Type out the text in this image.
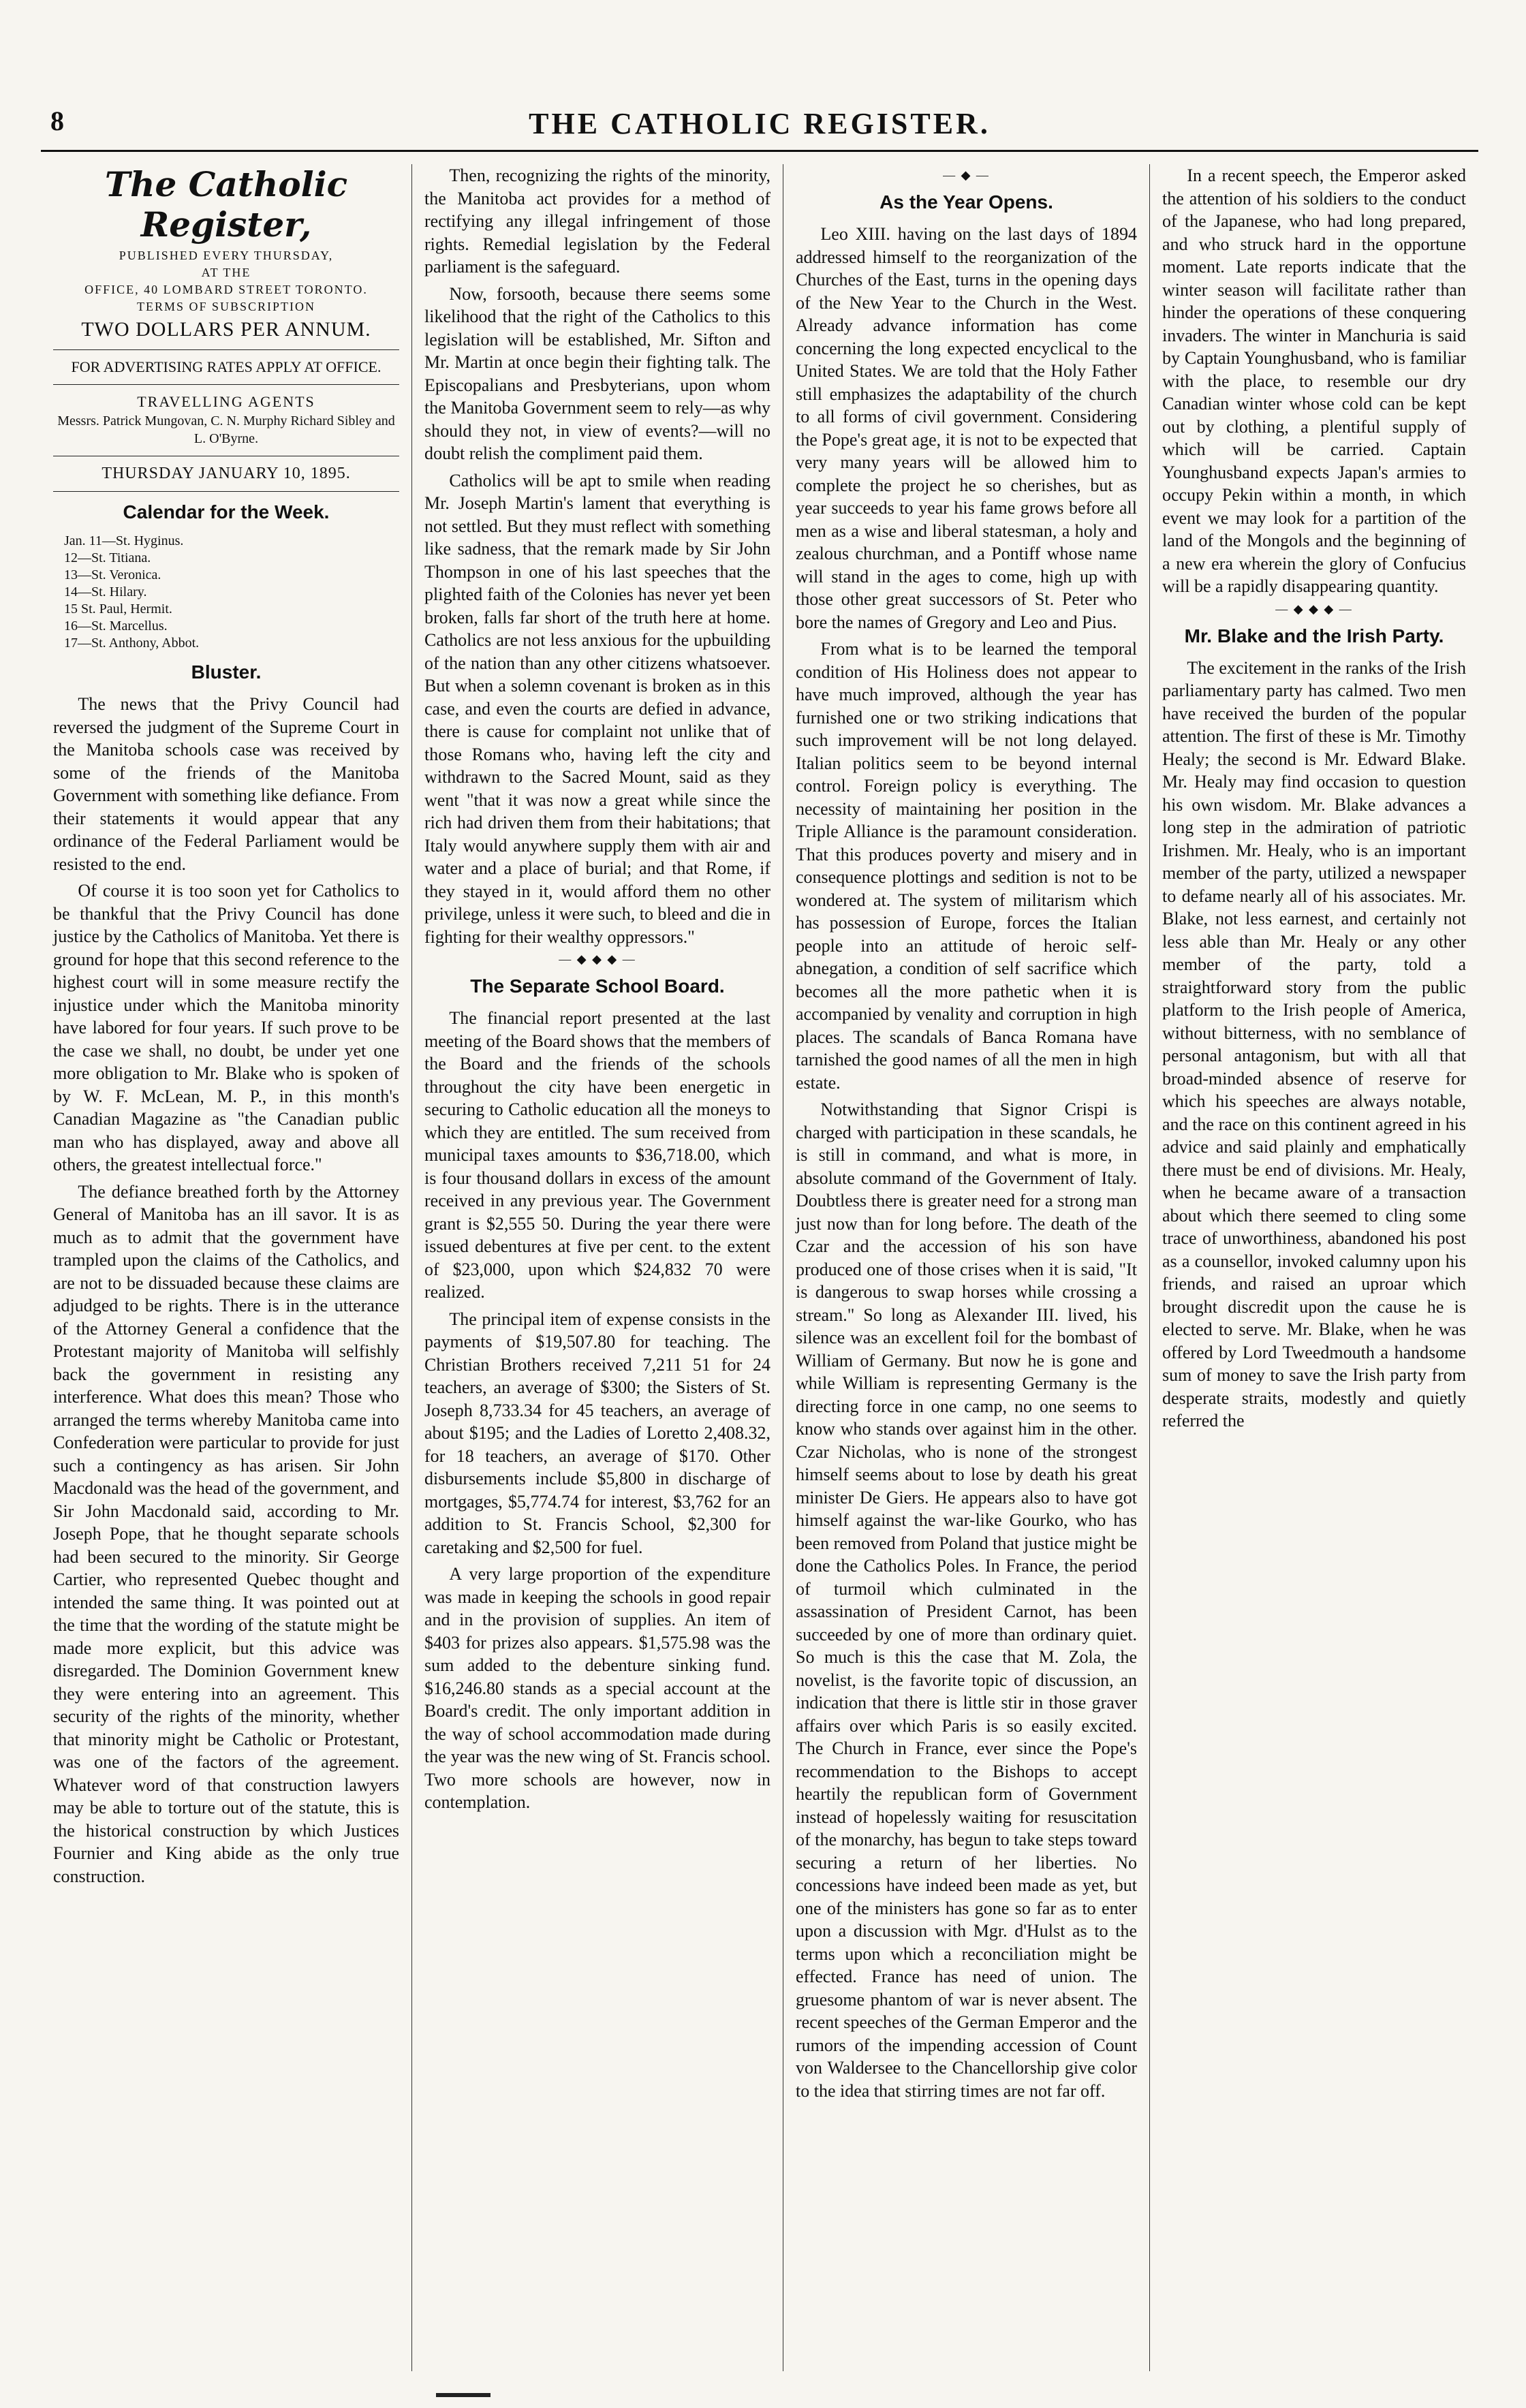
8	THE CATHOLIC REGISTER.
The Catholic Register,
PUBLISHED EVERY THURSDAY,
AT THE
OFFICE, 40 LOMBARD STREET TORONTO.
TERMS OF SUBSCRIPTION
TWO DOLLARS PER ANNUM.
FOR ADVERTISING RATES APPLY AT OFFICE.
TRAVELLING AGENTS
Messrs. Patrick Mungovan, C. N. Murphy Richard Sibley and L. O'Byrne.
THURSDAY JANUARY 10, 1895.
Calendar for the Week.
Jan. 11—St. Hyginus.
12—St. Titiana.
13—St. Veronica.
14—St. Hilary.
15 St. Paul, Hermit.
16—St. Marcellus.
17—St. Anthony, Abbot.
Bluster.

The news that the Privy Council had reversed the judgment of the Supreme Court in the Manitoba schools case was received by some of the friends of the Manitoba Government with something like defiance. From their statements it would appear that any ordinance of the Federal Parliament would be resisted to the end.

Of course it is too soon yet for Catholics to be thankful that the Privy Council has done justice by the Catholics of Manitoba. Yet there is ground for hope that this second reference to the highest court will in some measure rectify the injustice under which the Manitoba minority have labored for four years. If such prove to be the case we shall, no doubt, be under yet one more obligation to Mr. Blake who is spoken of by W. F. McLean, M. P., in this month's Canadian Magazine as "the Canadian public man who has displayed, away and above all others, the greatest intellectual force."

The defiance breathed forth by the Attorney General of Manitoba has an ill savor. It is as much as to admit that the government have trampled upon the claims of the Catholics, and are not to be dissuaded because these claims are adjudged to be rights. There is in the utterance of the Attorney General a confidence that the Protestant majority of Manitoba will selfishly back the government in resisting any interference. What does this mean? Those who arranged the terms whereby Manitoba came into Confederation were particular to provide for just such a contingency as has arisen. Sir John Macdonald was the head of the government, and Sir John Macdonald said, according to Mr. Joseph Pope, that he thought separate schools had been secured to the minority. Sir George Cartier, who represented Quebec thought and intended the same thing. It was pointed out at the time that the wording of the statute might be made more explicit, but this advice was disregarded. The Dominion Government knew they were entering into an agreement. This security of the rights of the minority, whether that minority might be Catholic or Protestant, was one of the factors of the agreement. Whatever word of that construction lawyers may be able to torture out of the statute, this is the historical construction by which Justices Fournier and King abide as the only true construction.

Then, recognizing the rights of the minority, the Manitoba act provides for a method of rectifying any illegal infringement of those rights. Remedial legislation by the Federal parliament is the safeguard.

Now, forsooth, because there seems some likelihood that the right of the Catholics to this legislation will be established, Mr. Sifton and Mr. Martin at once begin their fighting talk. The Episcopalians and Presbyterians, upon whom the Manitoba Government seem to rely—as why should they not, in view of events?—will no doubt relish the compliment paid them.

Catholics will be apt to smile when reading Mr. Joseph Martin's lament that everything is not settled. But they must reflect with something like sadness, that the remark made by Sir John Thompson in one of his last speeches that the plighted faith of the Colonies has never yet been broken, falls far short of the truth here at home. Catholics are not less anxious for the upbuilding of the nation than any other citizens whatsoever. But when a solemn covenant is broken as in this case, and even the courts are defied in advance, there is cause for complaint not unlike that of those Romans who, having left the city and withdrawn to the Sacred Mount, said as they went "that it was now a great while since the rich had driven them from their habitations; that Italy would anywhere supply them with air and water and a place of burial; and that Rome, if they stayed in it, would afford them no other privilege, unless it were such, to bleed and die in fighting for their wealthy oppressors."

— ◆ ◆ ◆ —
The Separate School Board.

The financial report presented at the last meeting of the Board shows that the members of the Board and the friends of the schools throughout the city have been energetic in securing to Catholic education all the moneys to which they are entitled. The sum received from municipal taxes amounts to $36,718.00, which is four thousand dollars in excess of the amount received in any previous year. The Government grant is $2,555 50. During the year there were issued debentures at five per cent. to the extent of $23,000, upon which $24,832 70 were realized.

The principal item of expense consists in the payments of $19,507.80 for teaching. The Christian Brothers received 7,211 51 for 24 teachers, an average of $300; the Sisters of St. Joseph 8,733.34 for 45 teachers, an average of about $195; and the Ladies of Loretto 2,408.32, for 18 teachers, an average of $170. Other disbursements include $5,800 in discharge of mortgages, $5,774.74 for interest, $3,762 for an addition to St. Francis School, $2,300 for caretaking and $2,500 for fuel.

A very large proportion of the expenditure was made in keeping the schools in good repair and in the provision of supplies. An item of $403 for prizes also appears. $1,575.98 was the sum added to the debenture sinking fund. $16,246.80 stands as a special account at the Board's credit. The only important addition in the way of school accommodation made during the year was the new wing of St. Francis school. Two more schools are however, now in contemplation.

— ◆ —
As the Year Opens.

Leo XIII. having on the last days of 1894 addressed himself to the reorganization of the Churches of the East, turns in the opening days of the New Year to the Church in the West. Already advance information has come concerning the long expected encyclical to the United States. We are told that the Holy Father still emphasizes the adaptability of the church to all forms of civil government. Considering the Pope's great age, it is not to be expected that very many years will be allowed him to complete the project he so cherishes, but as year succeeds to year his fame grows before all men as a wise and liberal statesman, a holy and zealous churchman, and a Pontiff whose name will stand in the ages to come, high up with those other great successors of St. Peter who bore the names of Gregory and Leo and Pius.

From what is to be learned the temporal condition of His Holiness does not appear to have much improved, although the year has furnished one or two striking indications that such improvement will be not long delayed. Italian politics seem to be beyond internal control. Foreign policy is everything. The necessity of maintaining her position in the Triple Alliance is the paramount consideration. That this produces poverty and misery and in consequence plottings and sedition is not to be wondered at. The system of militarism which has possession of Europe, forces the Italian people into an attitude of heroic self-abnegation, a condition of self sacrifice which becomes all the more pathetic when it is accompanied by venality and corruption in high places. The scandals of Banca Romana have tarnished the good names of all the men in high estate.

Notwithstanding that Signor Crispi is charged with participation in these scandals, he is still in command, and what is more, in absolute command of the Government of Italy. Doubtless there is greater need for a strong man just now than for long before. The death of the Czar and the accession of his son have produced one of those crises when it is said, "It is dangerous to swap horses while crossing a stream." So long as Alexander III. lived, his silence was an excellent foil for the bombast of William of Germany. But now he is gone and while William is representing Germany is the directing force in one camp, no one seems to know who stands over against him in the other. Czar Nicholas, who is none of the strongest himself seems about to lose by death his great minister De Giers. He appears also to have got himself against the war-like Gourko, who has been removed from Poland that justice might be done the Catholics Poles. In France, the period of turmoil which culminated in the assassination of President Carnot, has been succeeded by one of more than ordinary quiet. So much is this the case that M. Zola, the novelist, is the favorite topic of discussion, an indication that there is little stir in those graver affairs over which Paris is so easily excited. The Church in France, ever since the Pope's recommendation to the Bishops to accept heartily the republican form of Government instead of hopelessly waiting for resuscitation of the monarchy, has begun to take steps toward securing a return of her liberties. No concessions have indeed been made as yet, but one of the ministers has gone so far as to enter upon a discussion with Mgr. d'Hulst as to the terms upon which a reconciliation might be effected. France has need of union. The gruesome phantom of war is never absent. The recent speeches of the German Emperor and the rumors of the impending accession of Count von Waldersee to the Chancellorship give color to the idea that stirring times are not far off.

In a recent speech, the Emperor asked the attention of his soldiers to the conduct of the Japanese, who had long prepared, and who struck hard in the opportune moment. Late reports indicate that the winter season will facilitate rather than hinder the operations of these conquering invaders. The winter in Manchuria is said by Captain Younghusband, who is familiar with the place, to resemble our dry Canadian winter whose cold can be kept out by clothing, a plentiful supply of which will be carried. Captain Younghusband expects Japan's armies to occupy Pekin within a month, in which event we may look for a partition of the land of the Mongols and the beginning of a new era wherein the glory of Confucius will be a rapidly disappearing quantity.

— ◆ ◆ ◆ —
Mr. Blake and the Irish Party.

The excitement in the ranks of the Irish parliamentary party has calmed. Two men have received the burden of the popular attention. The first of these is Mr. Timothy Healy; the second is Mr. Edward Blake. Mr. Healy may find occasion to question his own wisdom. Mr. Blake advances a long step in the admiration of patriotic Irishmen. Mr. Healy, who is an important member of the party, utilized a newspaper to defame nearly all of his associates. Mr. Blake, not less earnest, and certainly not less able than Mr. Healy or any other member of the party, told a straightforward story from the public platform to the Irish people of America, without bitterness, with no semblance of personal antagonism, but with all that broad-minded absence of reserve for which his speeches are always notable, and the race on this continent agreed in his advice and said plainly and emphatically there must be end of divisions. Mr. Healy, when he became aware of a transaction about which there seemed to cling some trace of unworthiness, abandoned his post as a counsellor, invoked calumny upon his friends, and raised an uproar which brought discredit upon the cause he is elected to serve. Mr. Blake, when he was offered by Lord Tweedmouth a handsome sum of money to save the Irish party from desperate straits, modestly and quietly referred the
